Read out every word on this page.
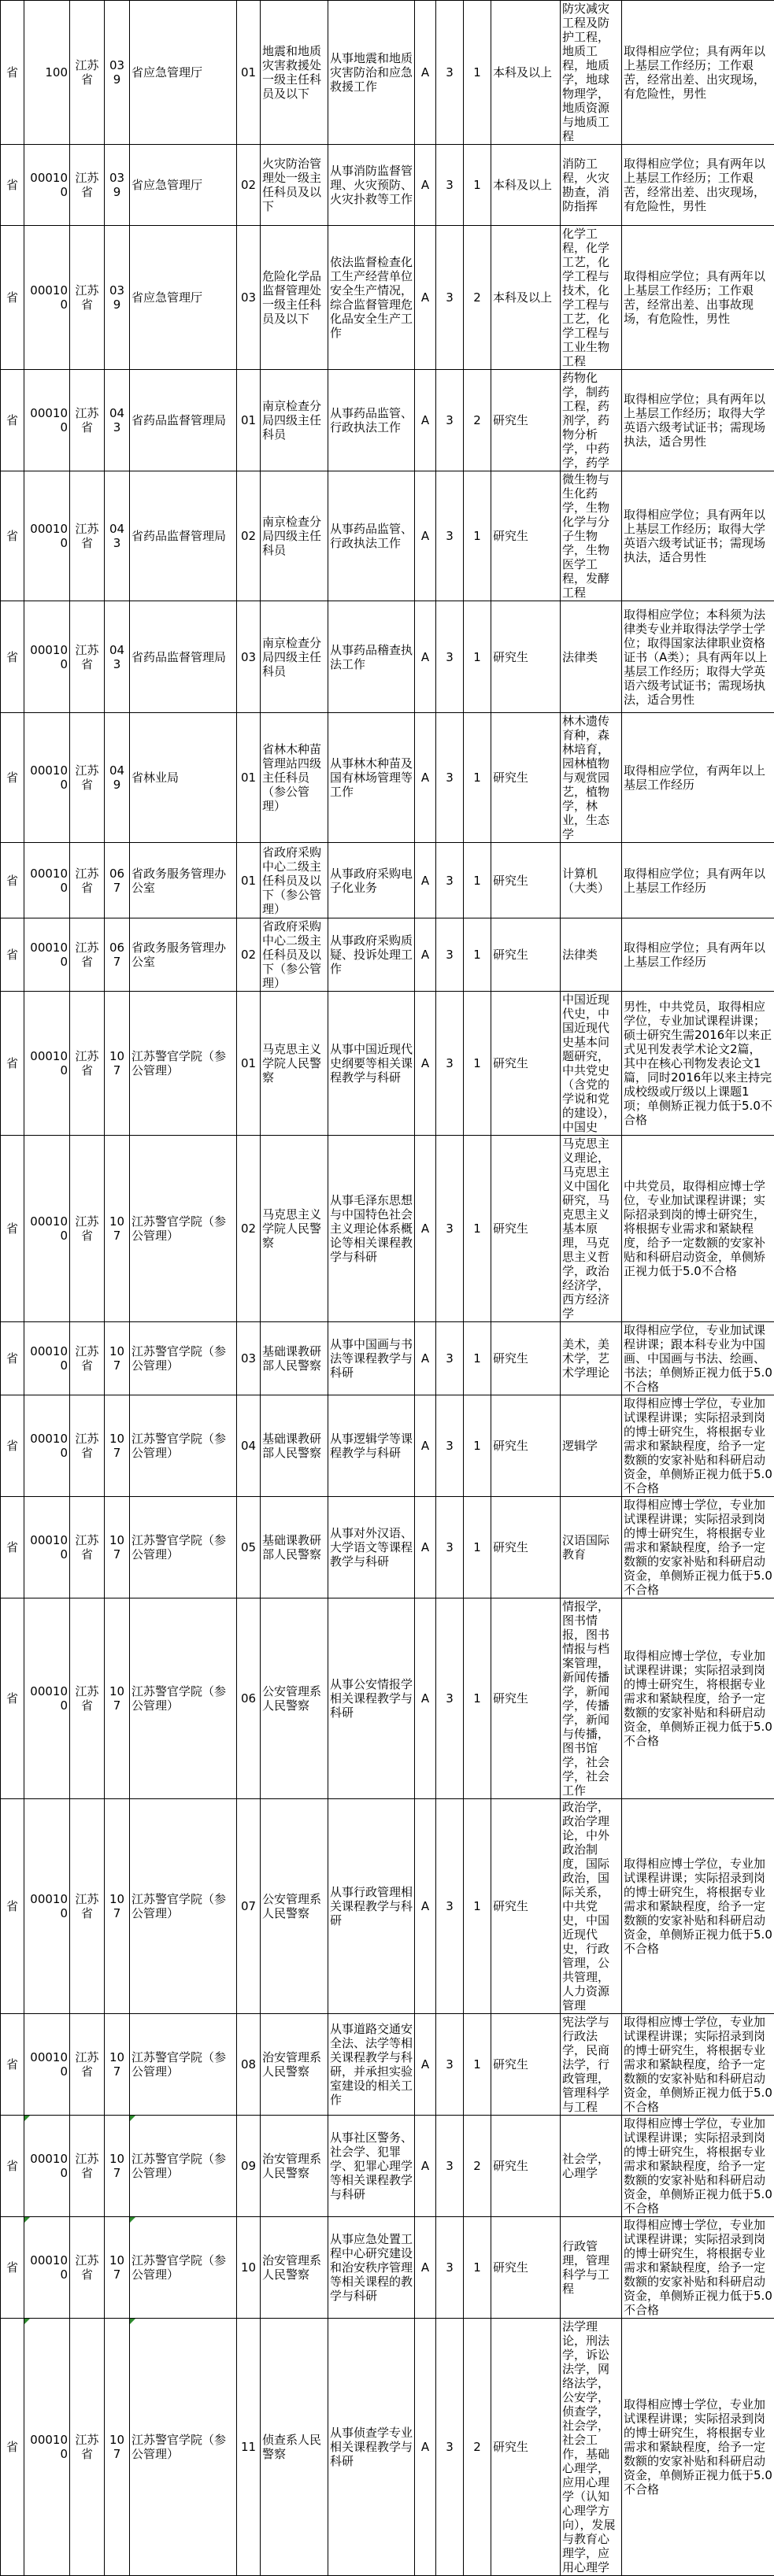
省	100	江苏省	039	省应急管理厅	01	地震和地质灾害救援处一级主任科员及以下	从事地震和地质灾害防治和应急救援工作	A	3	1	本科及以上	防灾减灾工程及防护工程，地质工程，地质学，地球物理学，地质资源与地质工程	取得相应学位；具有两年以上基层工作经历；工作艰苦，经常出差、出灾现场，有危险性，男性
省	000100	江苏省	039	省应急管理厅	02	火灾防治管理处一级主任科员及以下	从事消防监督管理、火灾预防、火灾扑救等工作	A	3	1	本科及以上	消防工程，火灾勘查，消防指挥	取得相应学位；具有两年以上基层工作经历；工作艰苦，经常出差、出灾现场，有危险性，男性
省	000100	江苏省	039	省应急管理厅	03	危险化学品监督管理处一级主任科员及以下	依法监督检查化工生产经营单位安全生产情况，综合监督管理危化品安全生产工作	A	3	2	本科及以上	化学工程，化学工艺，化学工程与技术，化学工程与工艺，化学工程与工业生物工程	取得相应学位；具有两年以上基层工作经历；工作艰苦，经常出差、出事故现场，有危险性，男性
省	000100	江苏省	043	省药品监督管理局	01	南京检查分局四级主任科员	从事药品监管、行政执法工作	A	3	2	研究生	药物化学，制药工程，药剂学，药物分析学，中药学，药学	取得相应学位；具有两年以上基层工作经历；取得大学英语六级考试证书；需现场执法，适合男性
省	000100	江苏省	043	省药品监督管理局	02	南京检查分局四级主任科员	从事药品监管、行政执法工作	A	3	1	研究生	微生物与生化药学，生物化学与分子生物学，生物医学工程，发酵工程	取得相应学位；具有两年以上基层工作经历；取得大学英语六级考试证书；需现场执法，适合男性
省	000100	江苏省	043	省药品监督管理局	03	南京检查分局四级主任科员	从事药品稽查执法工作	A	3	1	研究生	法律类	取得相应学位；本科须为法律类专业并取得法学学士学位；取得国家法律职业资格证书（A类）；具有两年以上基层工作经历；取得大学英语六级考试证书；需现场执法，适合男性
省	000100	江苏省	049	省林业局	01	省林木种苗管理站四级主任科员（参公管理）	从事林木种苗及国有林场管理等工作	A	3	1	研究生	林木遗传育种，森林培育，园林植物与观赏园艺，植物学，林业，生态学	取得相应学位，有两年以上基层工作经历
省	000100	江苏省	067	省政务服务管理办公室	01	省政府采购中心二级主任科员及以下（参公管理）	从事政府采购电子化业务	A	3	1	研究生	计算机（大类）	取得相应学位；具有两年以上基层工作经历
省	000100	江苏省	067	省政务服务管理办公室	02	省政府采购中心二级主任科员及以下（参公管理）	从事政府采购质疑、投诉处理工作	A	3	1	研究生	法律类	取得相应学位；具有两年以上基层工作经历
省	000100	江苏省	107	江苏警官学院（参公管理）	01	马克思主义学院人民警察	从事中国近现代史纲要等相关课程教学与科研	A	3	1	研究生	中国近现代史，中国近现代史基本问题研究，中共党史（含党的学说和党的建设），中国史	男性，中共党员，取得相应学位，专业加试课程讲课；硕士研究生需2016年以来正式见刊发表学术论文2篇，其中在核心刊物发表论文1篇，同时2016年以来主持完成校级或厅级以上课题1项；单侧矫正视力低于5.0不合格
省	000100	江苏省	107	江苏警官学院（参公管理）	02	马克思主义学院人民警察	从事毛泽东思想与中国特色社会主义理论体系概论等相关课程教学与科研	A	3	1	研究生	马克思主义理论，马克思主义中国化研究，马克思主义基本原理，马克思主义哲学，政治经济学，西方经济学	中共党员，取得相应博士学位，专业加试课程讲课；实际招录到岗的博士研究生，将根据专业需求和紧缺程度，给予一定数额的安家补贴和科研启动资金，单侧矫正视力低于5.0不合格
省	000100	江苏省	107	江苏警官学院（参公管理）	03	基础课教研部人民警察	从事中国画与书法等课程教学与科研	A	3	1	研究生	美术，美术学，艺术学理论	取得相应学位，专业加试课程讲课；跟本科专业为中国画、中国画与书法、绘画、书法；单侧矫正视力低于5.0不合格
省	000100	江苏省	107	江苏警官学院（参公管理）	04	基础课教研部人民警察	从事逻辑学等课程教学与科研	A	3	1	研究生	逻辑学	取得相应博士学位，专业加试课程讲课；实际招录到岗的博士研究生，将根据专业需求和紧缺程度，给予一定数额的安家补贴和科研启动资金，单侧矫正视力低于5.0不合格
省	000100	江苏省	107	江苏警官学院（参公管理）	05	基础课教研部人民警察	从事对外汉语、大学语文等课程教学与科研	A	3	1	研究生	汉语国际教育	取得相应博士学位，专业加试课程讲课；实际招录到岗的博士研究生，将根据专业需求和紧缺程度，给予一定数额的安家补贴和科研启动资金，单侧矫正视力低于5.0不合格
省	000100	江苏省	107	江苏警官学院（参公管理）	06	公安管理系人民警察	从事公安情报学相关课程教学与科研	A	3	1	研究生	情报学，图书情报，图书情报与档案管理，新闻传播学，新闻学，传播学，新闻与传播，图书馆学，社会学，社会工作	取得相应博士学位，专业加试课程讲课；实际招录到岗的博士研究生，将根据专业需求和紧缺程度，给予一定数额的安家补贴和科研启动资金，单侧矫正视力低于5.0不合格
省	000100	江苏省	107	江苏警官学院（参公管理）	07	公安管理系人民警察	从事行政管理相关课程教学与科研	A	3	1	研究生	政治学，政治学理论，中外政治制度，国际政治，国际关系，中共党史，中国近现代史，行政管理，公共管理，人力资源管理	取得相应博士学位，专业加试课程讲课；实际招录到岗的博士研究生，将根据专业需求和紧缺程度，给予一定数额的安家补贴和科研启动资金，单侧矫正视力低于5.0不合格
省	000100	江苏省	107	江苏警官学院（参公管理）	08	治安管理系人民警察	从事道路交通安全法、法学等相关课程教学与科研，并承担实验室建设的相关工作	A	3	1	研究生	宪法学与行政法学，民商法学，行政管理，管理科学与工程	取得相应博士学位，专业加试课程讲课；实际招录到岗的博士研究生，将根据专业需求和紧缺程度，给予一定数额的安家补贴和科研启动资金，单侧矫正视力低于5.0不合格
省	000100	江苏省	107	江苏警官学院（参公管理）	09	治安管理系人民警察	从事社区警务、社会学、犯罪学、犯罪心理学等相关课程教学与科研	A	3	2	研究生	社会学，心理学	取得相应博士学位，专业加试课程讲课；实际招录到岗的博士研究生，将根据专业需求和紧缺程度，给予一定数额的安家补贴和科研启动资金，单侧矫正视力低于5.0不合格
省	000100	江苏省	107	江苏警官学院（参公管理）	10	治安管理系人民警察	从事应急处置工程中心研究建设和治安秩序管理等相关课程的教学与科研	A	3	1	研究生	行政管理，管理科学与工程	取得相应博士学位，专业加试课程讲课；实际招录到岗的博士研究生，将根据专业需求和紧缺程度，给予一定数额的安家补贴和科研启动资金，单侧矫正视力低于5.0不合格
省	000100	江苏省	107	江苏警官学院（参公管理）	11	侦查系人民警察	从事侦查学专业相关课程教学与科研	A	3	2	研究生	法学理论，刑法学，诉讼法学，网络法学，公安学，侦查学，社会学，社会工作，基础心理学，应用心理学（认知心理学方向），发展与教育心理学，应用心理学	取得相应博士学位，专业加试课程讲课；实际招录到岗的博士研究生，将根据专业需求和紧缺程度，给予一定数额的安家补贴和科研启动资金，单侧矫正视力低于5.0不合格
